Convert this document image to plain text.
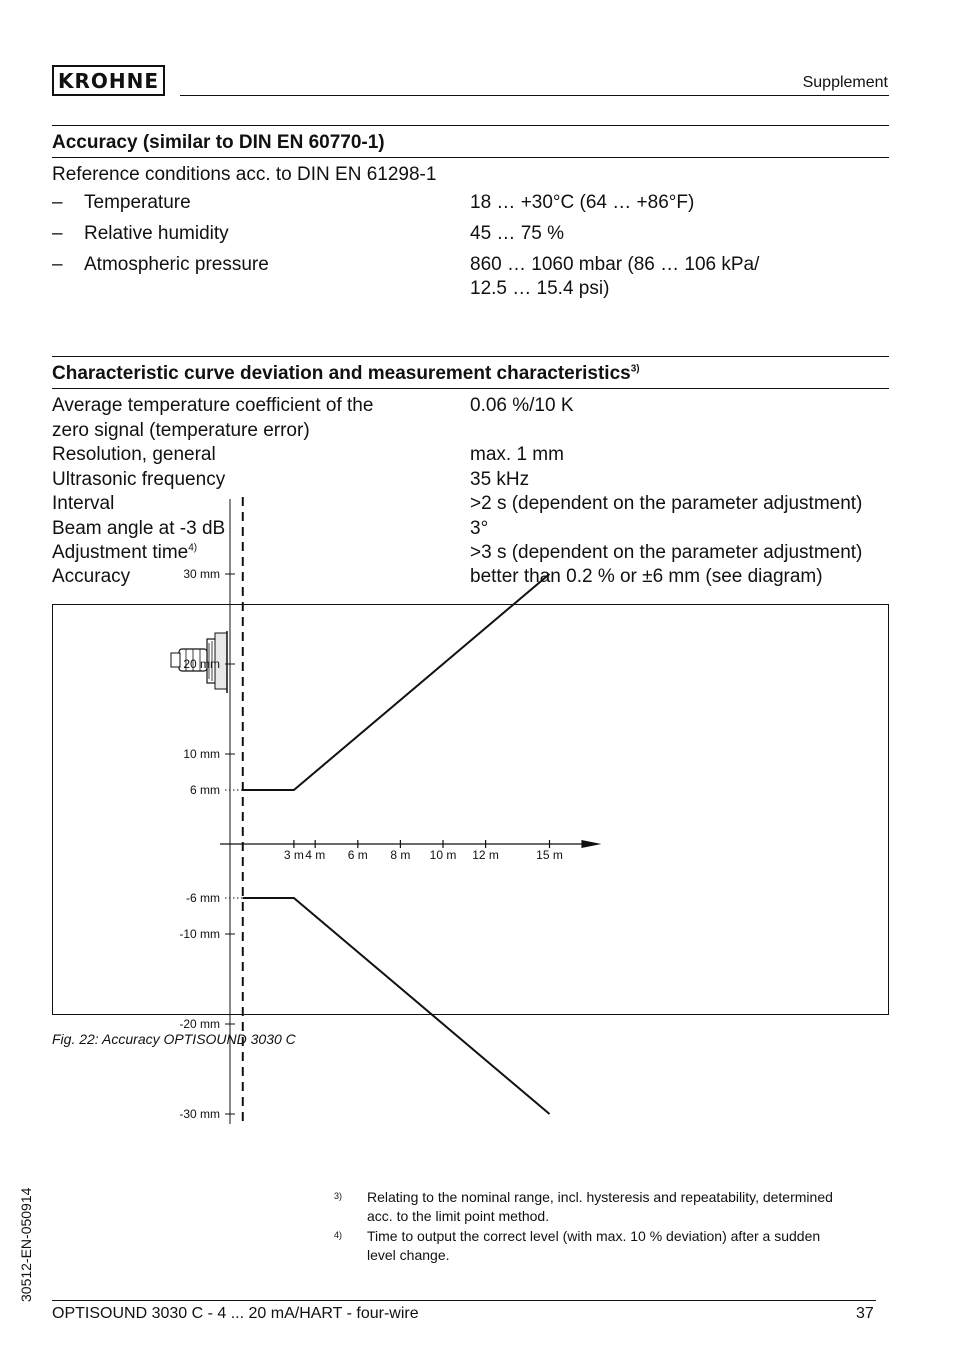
KROHNE	Supplement
Accuracy (similar to DIN EN 60770-1)
Reference conditions acc. to DIN EN 61298-1
– Temperature	18 … +30°C (64 … +86°F)
– Relative humidity	45 … 75 %
– Atmospheric pressure	860 … 1060 mbar (86 … 106 kPa/
12.5 … 15.4 psi)
Characteristic curve deviation and measurement characteristics$^{3)}$
Average temperature coefficient of the
zero signal (temperature error)
0.06 %/10 K
Resolution, general	max. 1 mm
Ultrasonic frequency	35 kHz
Interval	>2 s (dependent on the parameter adjustment)
Beam angle at -3 dB	3°
Adjustment time$^{4)}$	>3 s (dependent on the parameter adjustment)
Accuracy	better than 0.2 % or ±6 mm (see diagram)
30 mm
20 mm
10 mm
6 mm
-6 mm
-10 mm
-20 mm
-30 mm
3 m 4 m 6 m 8 m 10 m 12 m	15 m
Fig. 22: Accuracy OPTISOUND 3030 C
3) Relating to the nominal range, incl. hysteresis and repeatability, determined
acc. to the limit point method.
4) Time to output the correct level (with max. 10 % deviation) after a sudden
level change.
30512-EN-050914
OPTISOUND 3030 C - 4 ... 20 mA/HART - four-wire	37
